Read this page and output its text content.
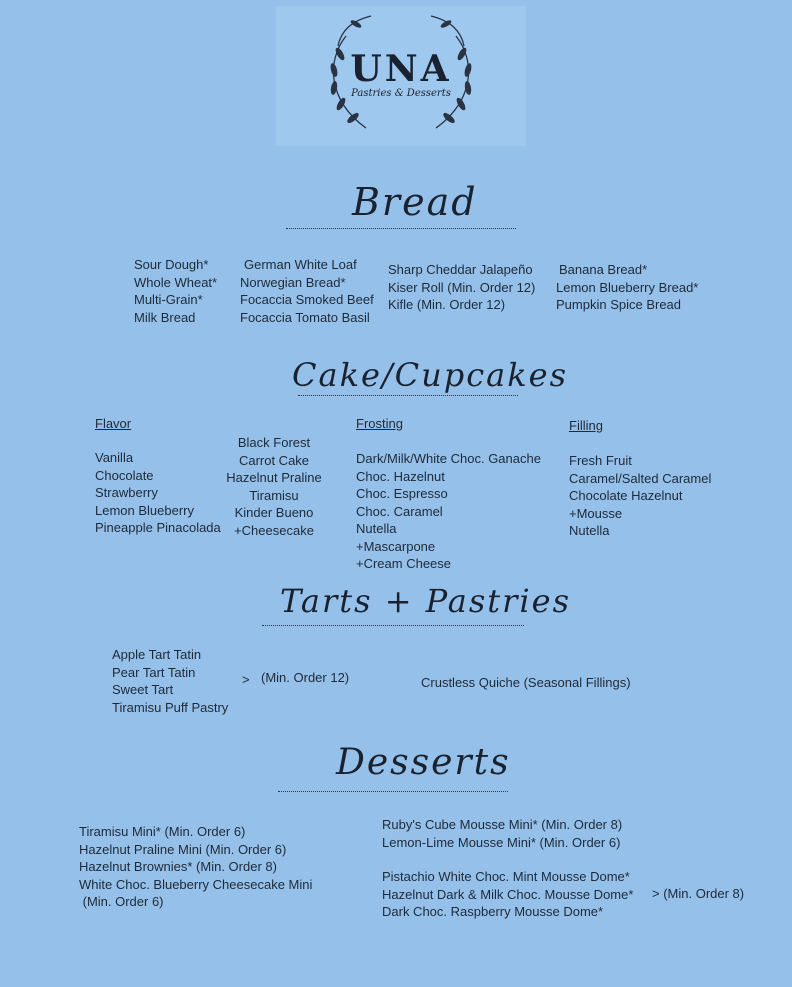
UNA
Pastries & Desserts
Bread
Sour Dough*
Whole Wheat*
Multi-Grain*
Milk Bread
German White Loaf
Norwegian Bread*
Focaccia Smoked Beef
Focaccia Tomato Basil
Sharp Cheddar Jalapeño
Kiser Roll (Min. Order 12)
Kifle (Min. Order 12)
Banana Bread*
Lemon Blueberry Bread*
Pumpkin Spice Bread
Cake/Cupcakes
Flavor
Vanilla
Chocolate
Strawberry
Lemon Blueberry
Pineapple Pinacolada
Black Forest
Carrot Cake
Hazelnut Praline
Tiramisu
Kinder Bueno
+Cheesecake
Frosting
Dark/Milk/White Choc. Ganache
Choc. Hazelnut
Choc. Espresso
Choc. Caramel
Nutella
+Mascarpone
+Cream Cheese
Filling
Fresh Fruit
Caramel/Salted Caramel
Chocolate Hazelnut
+Mousse
Nutella
Tarts + Pastries
Apple Tart Tatin
Pear Tart Tatin
Sweet Tart
Tiramisu Puff Pastry
> (Min. Order 12)	Crustless Quiche (Seasonal Fillings)
Desserts
Tiramisu Mini* (Min. Order 6)
Hazelnut Praline Mini (Min. Order 6)
Hazelnut Brownies* (Min. Order 8)
White Choc. Blueberry Cheesecake Mini
(Min. Order 6)
Ruby's Cube Mousse Mini* (Min. Order 8)
Lemon-Lime Mousse Mini* (Min. Order 6)
Pistachio White Choc. Mint Mousse Dome*
Hazelnut Dark & Milk Choc. Mousse Dome*
Dark Choc. Raspberry Mousse Dome*
> (Min. Order 8)
